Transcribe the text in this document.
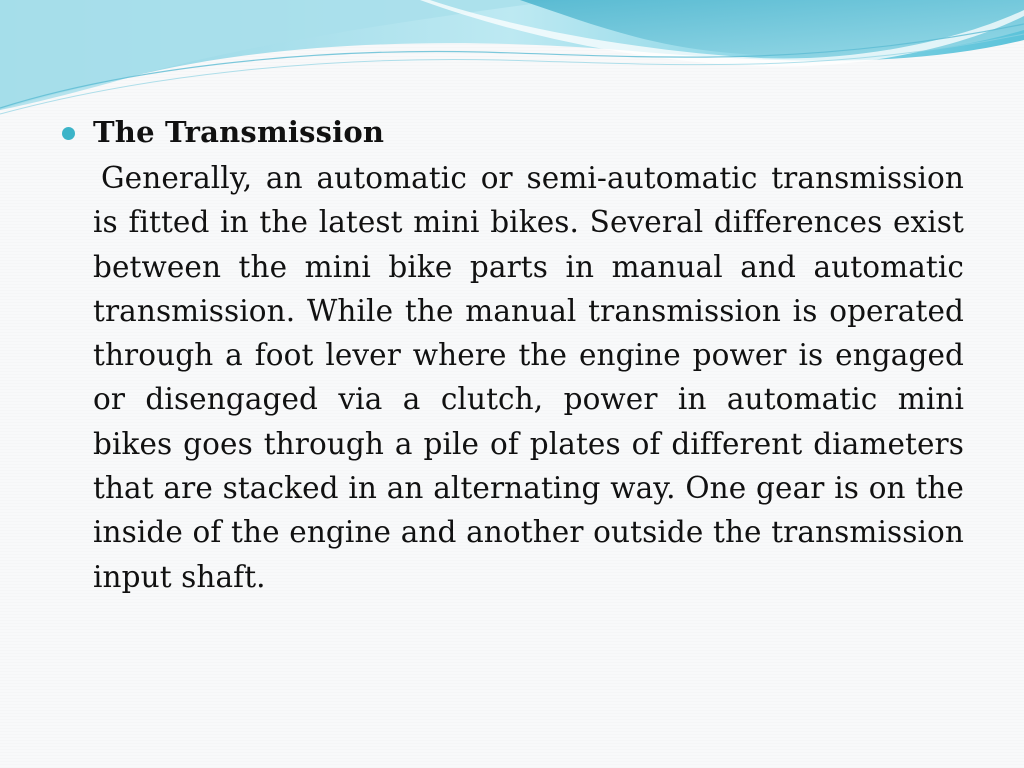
The Transmission

Generally, an automatic or semi-automatic transmission is fitted in the latest mini bikes. Several differences exist between the mini bike parts in manual and automatic transmission. While the manual transmission is operated through a foot lever where the engine power is engaged or disengaged via a clutch, power in automatic mini bikes goes through a pile of plates of different diameters that are stacked in an alternating way. One gear is on the inside of the engine and another outside the transmission input shaft.
